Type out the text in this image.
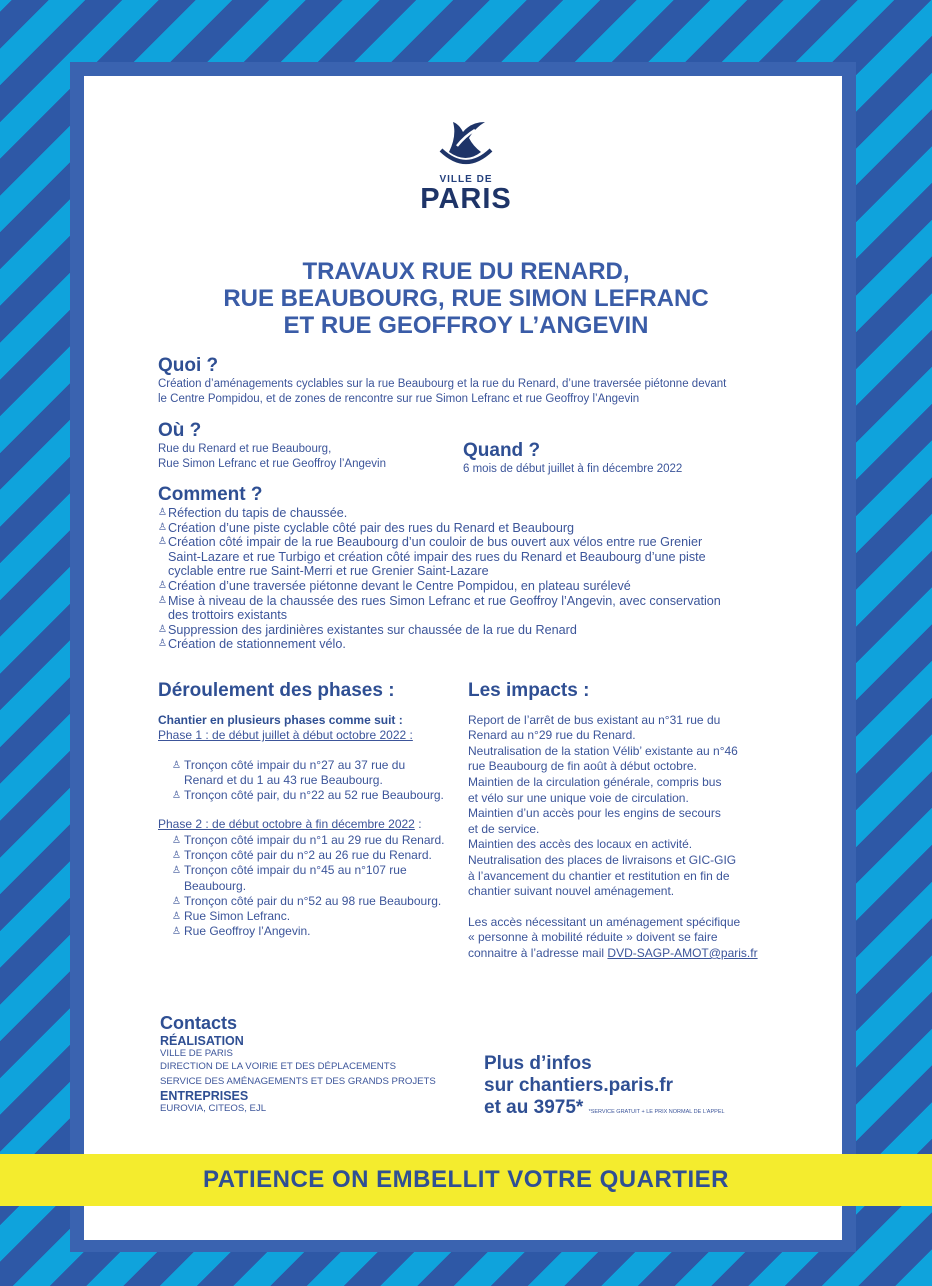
VILLE DE
PARIS
TRAVAUX RUE DU RENARD,
RUE BEAUBOURG, RUE SIMON LEFRANC
ET RUE GEOFFROY L’ANGEVIN
Quoi ?
Création d’aménagements cyclables sur la rue Beaubourg et la rue du Renard, d’une traversée piétonne devant
le Centre Pompidou, et de zones de rencontre sur rue Simon Lefranc et rue Geoffroy l’Angevin
Où ?
Rue du Renard et rue Beaubourg,
Rue Simon Lefranc et rue Geoffroy l’Angevin
Quand ?
6 mois de début juillet à fin décembre 2022
Comment ?
♙ Réfection du tapis de chaussée.
♙ Création d’une piste cyclable côté pair des rues du Renard et Beaubourg
♙ Création côté impair de la rue Beaubourg d’un couloir de bus ouvert aux vélos entre rue Grenier
Saint-Lazare et rue Turbigo et création côté impair des rues du Renard et Beaubourg d’une piste
cyclable entre rue Saint-Merri et rue Grenier Saint-Lazare
♙ Création d’une traversée piétonne devant le Centre Pompidou, en plateau surélevé
♙ Mise à niveau de la chaussée des rues Simon Lefranc et rue Geoffroy l’Angevin, avec conservation
des trottoirs existants
♙ Suppression des jardinières existantes sur chaussée de la rue du Renard
♙ Création de stationnement vélo.
Déroulement des phases :
Chantier en plusieurs phases comme suit :
Phase 1 : de début juillet à début octobre 2022 :
♙ Tronçon côté impair du n°27 au 37 rue du
Renard et du 1 au 43 rue Beaubourg.
♙ Tronçon côté pair, du n°22 au 52 rue Beaubourg.
Phase 2 : de début octobre à fin décembre 2022 :
♙ Tronçon côté impair du n°1 au 29 rue du Renard.
♙ Tronçon côté pair du n°2 au 26 rue du Renard.
♙ Tronçon côté impair du n°45 au n°107 rue
Beaubourg.
♙ Tronçon côté pair du n°52 au 98 rue Beaubourg.
♙ Rue Simon Lefranc.
♙ Rue Geoffroy l’Angevin.
Les impacts :
Report de l’arrêt de bus existant au n°31 rue du
Renard au n°29 rue du Renard.
Neutralisation de la station Vélib’ existante au n°46
rue Beaubourg de fin août à début octobre.
Maintien de la circulation générale, compris bus
et vélo sur une unique voie de circulation.
Maintien d’un accès pour les engins de secours
et de service.
Maintien des accès des locaux en activité.
Neutralisation des places de livraisons et GIC-GIG
à l’avancement du chantier et restitution en fin de
chantier suivant nouvel aménagement.
Les accès nécessitant un aménagement spécifique
« personne à mobilité réduite » doivent se faire
connaitre à l’adresse mail DVD-SAGP-AMOT@paris.fr
Contacts
RÉALISATION
VILLE DE PARIS
DIRECTION DE LA VOIRIE ET DES DÉPLACEMENTS
SERVICE DES AMÉNAGEMENTS ET DES GRANDS PROJETS
ENTREPRISES
EUROVIA, CITEOS, EJL
Plus d’infos
sur chantiers.paris.fr
et au 3975* *SERVICE GRATUIT + LE PRIX NORMAL DE L’APPEL
PATIENCE ON EMBELLIT VOTRE QUARTIER
